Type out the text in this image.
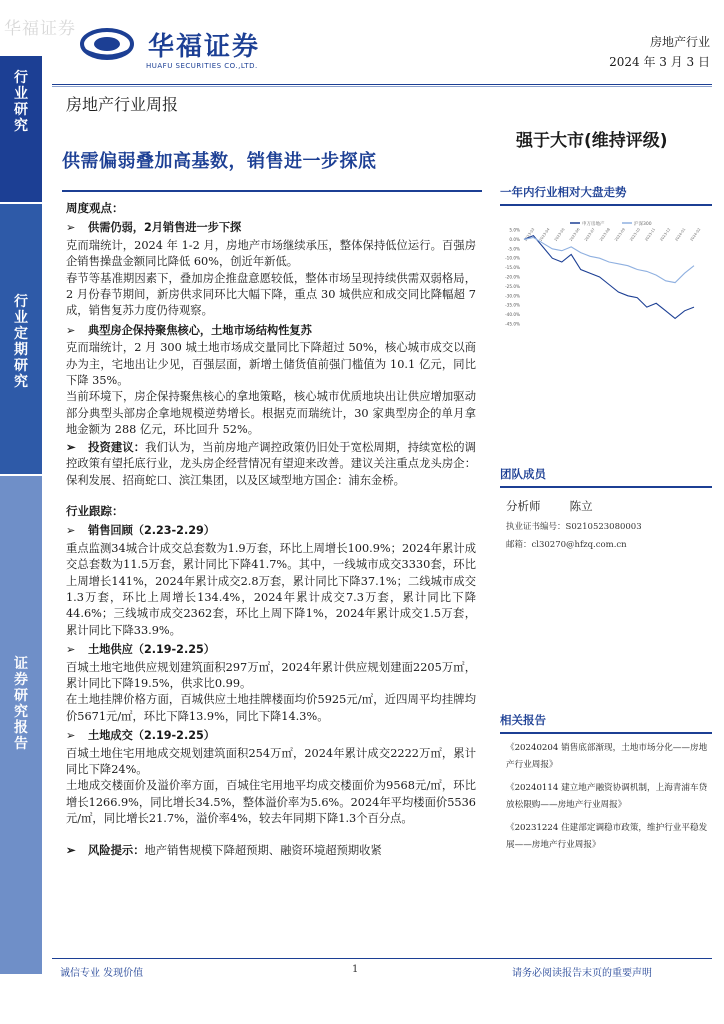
华福证券
华福证券
HUAFU SECURITIES CO.,LTD.
房地产行业
2024 年 3 月 3 日
行业研究
行业定期研究
证券研究报告
房地产行业周报
供需偏弱叠加高基数，销售进一步探底
强于大市(维持评级)
周度观点：
➢ 供需仍弱，2月销售进一步下探

克而瑞统计，2024 年 1-2 月，房地产市场继续承压，整体保持低位运行。百强房企销售操盘金额同比降低 60%，创近年新低。

春节等基准期因素下，叠加房企推盘意愿较低，整体市场呈现持续供需双弱格局，2 月份春节期间，新房供求同环比大幅下降，重点 30 城供应和成交同比降幅超 7 成，销售复苏力度仍待观察。

➢ 典型房企保持聚焦核心，土地市场结构性复苏

克而瑞统计，2 月 300 城土地市场成交量同比下降超过 50%，核心城市成交以商办为主，宅地出让少见，百强层面，新增土储货值前强门槛值为 10.1 亿元，同比下降 35%。

当前环境下，房企保持聚焦核心的拿地策略，核心城市优质地块出让供应增加驱动部分典型头部房企拿地规模逆势增长。根据克而瑞统计，30 家典型房企的单月拿地金额为 288 亿元，环比回升 52%。

➢ 投资建议：我们认为，当前房地产调控政策仍旧处于宽松周期，持续宽松的调控政策有望托底行业，龙头房企经营情况有望迎来改善。建议关注重点龙头房企：保利发展、招商蛇口、滨江集团，以及区域型地方国企：浦东金桥。

行业跟踪：
➢ 销售回顾（2.23-2.29）

重点监测34城合计成交总套数为1.9万套，环比上周增长100.9%；2024年累计成交总套数为11.5万套，累计同比下降41.7%。其中，一线城市成交3330套，环比上周增长141%，2024年累计成交2.8万套，累计同比下降37.1%；二线城市成交1.3万套，环比上周增长134.4%，2024年累计成交7.3万套，累计同比下降44.6%；三线城市成交2362套，环比上周下降1%，2024年累计成交1.5万套，累计同比下降33.9%。

➢ 土地供应（2.19-2.25）

百城土地宅地供应规划建筑面积297万㎡，2024年累计供应规划建面2205万㎡，累计同比下降19.5%，供求比0.99。

在土地挂牌价格方面，百城供应土地挂牌楼面均价5925元/㎡，近四周平均挂牌均价5671元/㎡，环比下降13.9%，同比下降14.3%。

➢ 土地成交（2.19-2.25）

百城土地住宅用地成交规划建筑面积254万㎡，2024年累计成交2222万㎡，累计同比下降24%。

土地成交楼面价及溢价率方面，百城住宅用地平均成交楼面价为9568元/㎡，环比增长1266.9%，同比增长34.5%，整体溢价率为5.6%。2024年平均楼面价5536元/㎡，同比增长21.7%，溢价率4%，较去年同期下降1.3个百分点。

➢ 风险提示：地产销售规模下降超预期、融资环境超预期收紧

一年内行业相对大盘走势
申万房地产	沪深300
5.0%
0.0%
-5.0%
-10.0%
-15.0%
-20.0%
-25.0%
-30.0%
-35.0%
-40.0%
-45.0%
2023-03 2023-04 2023-05 2023-06 2023-07 2023-08 2023-09 2023-10 2023-11 2023-12 2024-01 2024-02
团队成员
分析师	陈立
执业证书编号：S0210523080003
邮箱：cl30270@hfzq.com.cn
相关报告
《20240204 销售底部渐现，土地市场分化——房地产行业周报》
《20240114 建立地产融资协调机制，上海青浦车贷放松限购——房地产行业周报》
《20231224 住建部定调稳市政策，维护行业平稳发展——房地产行业周报》
诚信专业 发现价值	1	请务必阅读报告末页的重要声明
